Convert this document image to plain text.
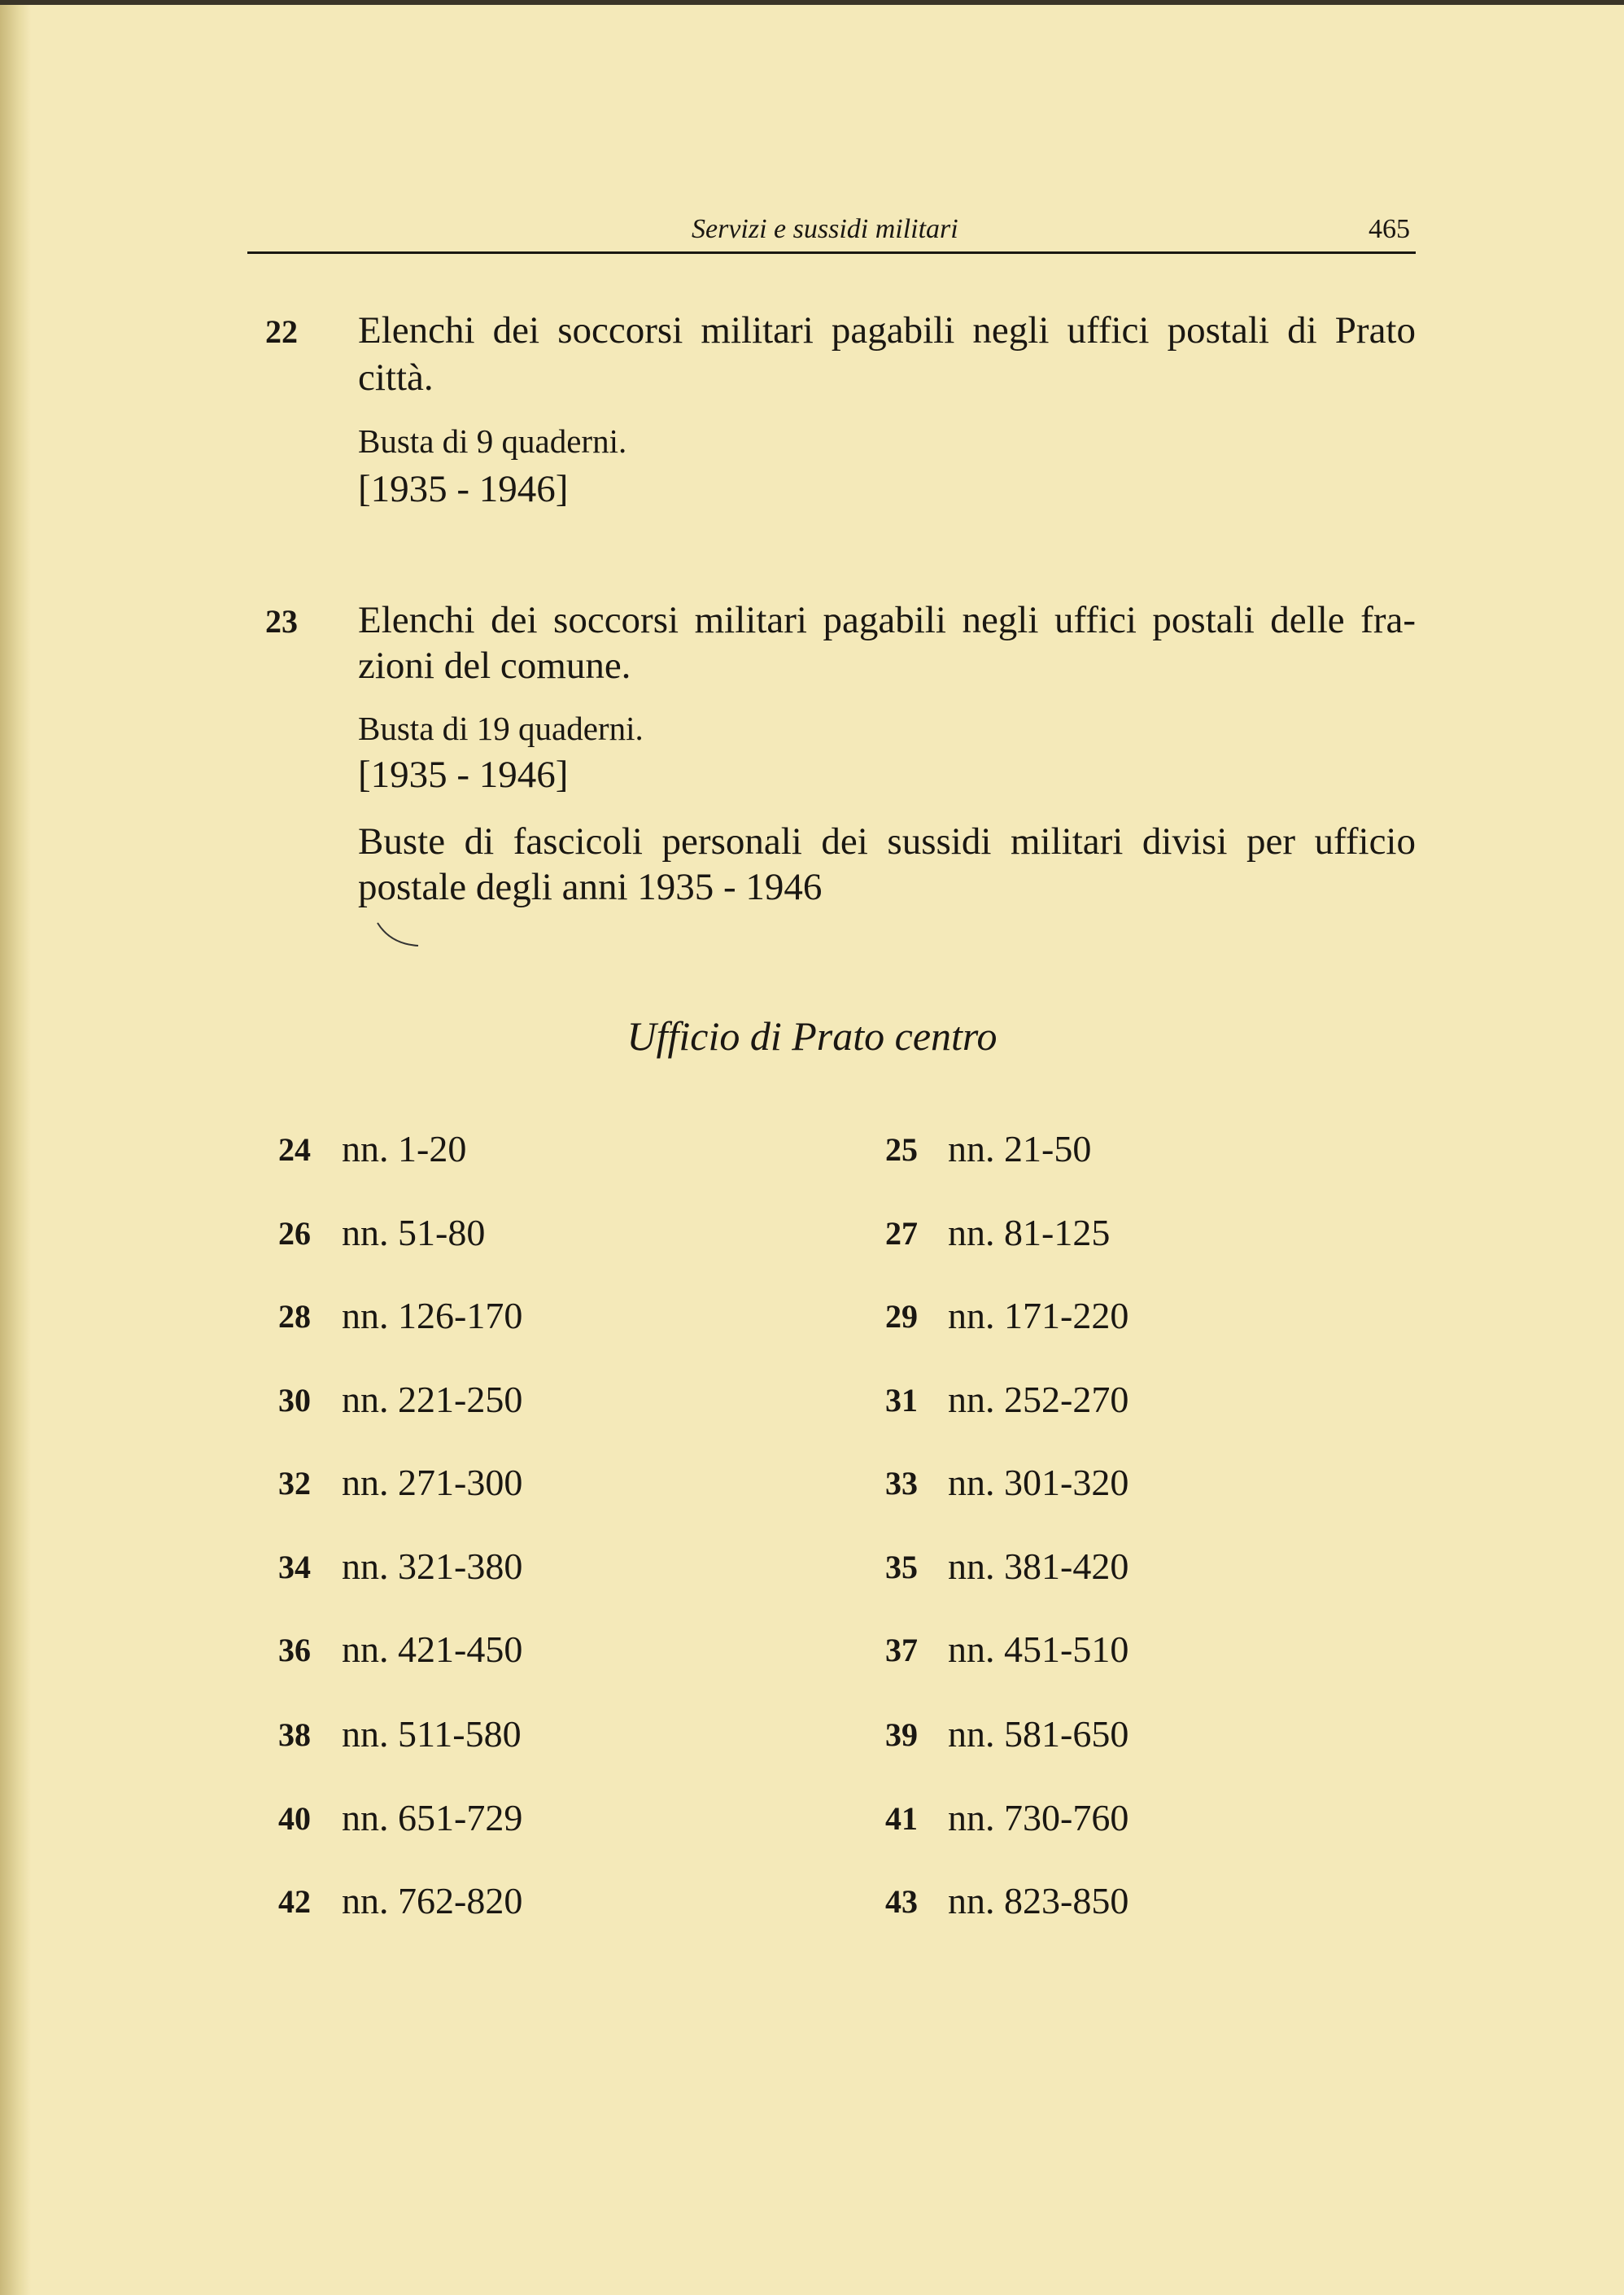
Servizi e sussidi militari	465
22 Elenchi dei soccorsi militari pagabili negli uffici postali di Prato
città.
Busta di 9 quaderni.
[1935 - 1946]
23 Elenchi dei soccorsi militari pagabili negli uffici postali delle fra-
zioni del comune.
Busta di 19 quaderni.
[1935 - 1946]
Buste di fascicoli personali dei sussidi militari divisi per ufficio
postale degli anni 1935 - 1946
Ufficio di Prato centro
24 nn. 1-20	25 nn. 21-50
26 nn. 51-80	27 nn. 81-125
28 nn. 126-170	29 nn. 171-220
30 nn. 221-250	31 nn. 252-270
32 nn. 271-300	33 nn. 301-320
34 nn. 321-380	35 nn. 381-420
36 nn. 421-450	37 nn. 451-510
38 nn. 511-580	39 nn. 581-650
40 nn. 651-729	41 nn. 730-760
42 nn. 762-820	43 nn. 823-850
